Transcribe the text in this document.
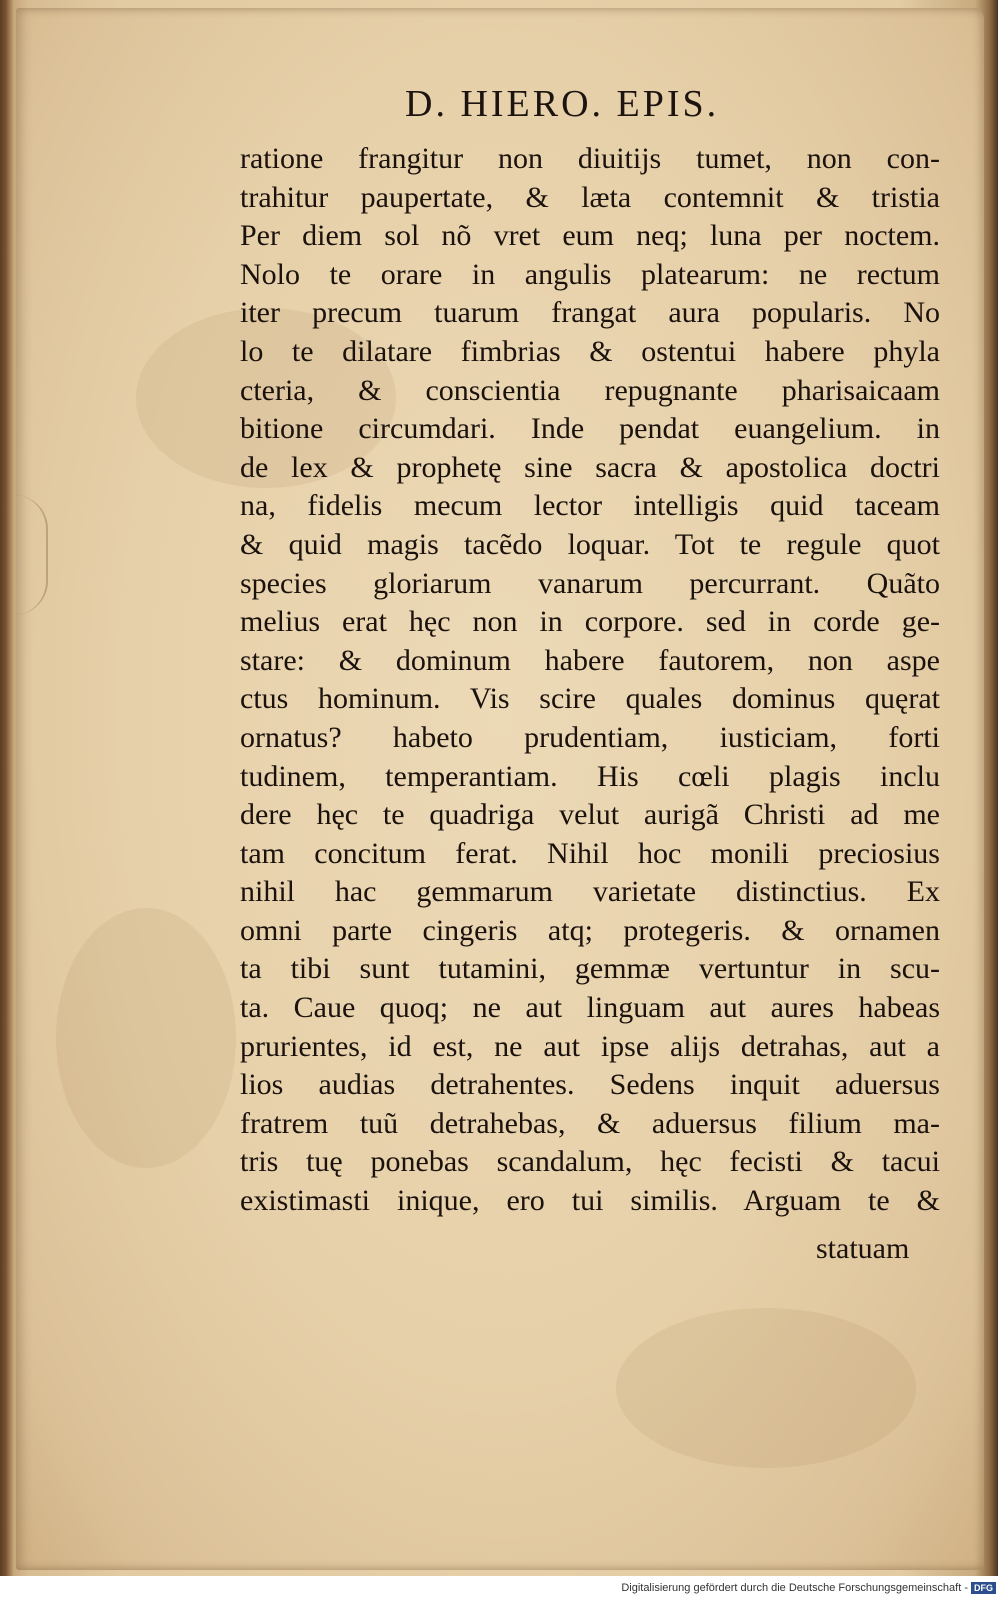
D. HIERO. EPIS.
ratione frangitur non diuitijs tumet, non con-
trahitur paupertate, & læta contemnit & tristia
Per diem sol nõ vret eum neq; luna per noctem.
Nolo te orare in angulis platearum: ne rectum
iter precum tuarum frangat aura popularis. No
lo te dilatare fimbrias & ostentui habere phyla
cteria, & conscientia repugnante pharisaicaam
bitione circumdari. Inde pendat euangelium. in
de lex & prophetę sine sacra & apostolica doctri
na, fidelis mecum lector intelligis quid taceam
& quid magis tacẽdo loquar. Tot te regule quot
species gloriarum vanarum percurrant. Quãto
melius erat hęc non in corpore. sed in corde ge-
stare: & dominum habere fautorem, non aspe
ctus hominum. Vis scire quales dominus quęrat
ornatus? habeto prudentiam, iusticiam, forti
tudinem, temperantiam. His cœli plagis inclu
dere hęc te quadriga velut aurigã Christi ad me
tam concitum ferat. Nihil hoc monili preciosius
nihil hac gemmarum varietate distinctius. Ex
omni parte cingeris atq; protegeris. & ornamen
ta tibi sunt tutamini, gemmæ vertuntur in scu-
ta. Caue quoq; ne aut linguam aut aures habeas
prurientes, id est, ne aut ipse alijs detrahas, aut a
lios audias detrahentes. Sedens inquit aduersus
fratrem tuũ detrahebas, & aduersus filium ma-
tris tuę ponebas scandalum, hęc fecisti & tacui
existimasti inique, ero tui similis. Arguam te &
statuam
Digitalisierung gefördert durch die Deutsche Forschungsgemeinschaft - DFG
